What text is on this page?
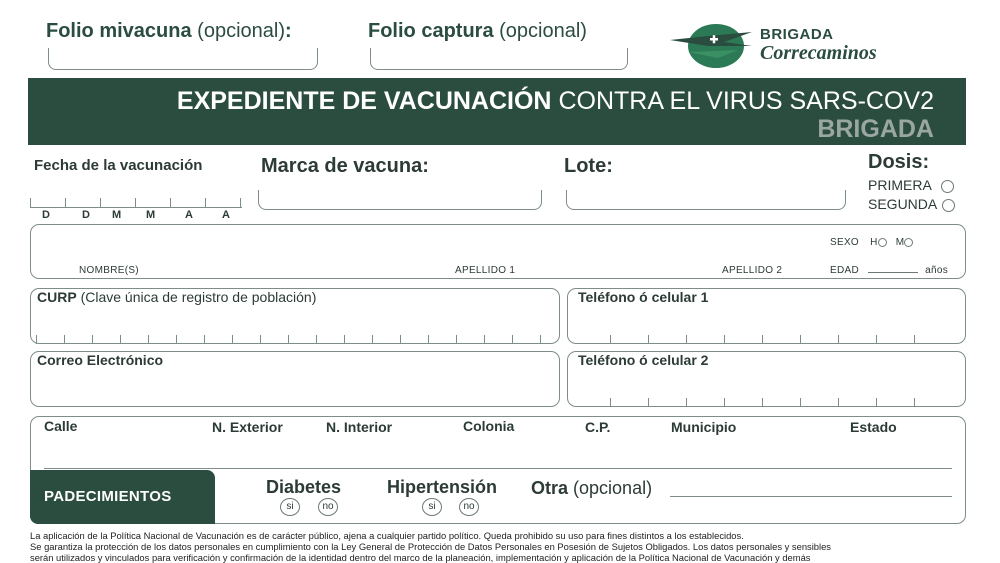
Folio mivacuna (opcional):	Folio captura (opcional)	BRIGADA
Correcaminos
EXPEDIENTE DE VACUNACIÓN CONTRA EL VIRUS SARS-COV2
BRIGADA
Fecha de la vacunación
D	D M M	A	A
Marca de vacuna:	Lote:	Dosis:
PRIMERA
SEGUNDA
SEXO H M
NOMBRE(S)	APELLIDO 1	APELLIDO 2	EDAD	años
CURP (Clave única de registro de población)	Teléfono ó celular 1
Correo Electrónico	Teléfono ó celular 2
Calle	N. Exterior	N. Interior	Colonia	C.P.	Municipio	Estado
PADECIMIENTOS	Diabetes
si	no
Hipertensión
si	no
Otra (opcional)
La aplicación de la Política Nacional de Vacunación es de carácter público, ajena a cualquier partido político. Queda prohibido su uso para fines distintos a los establecidos.
Se garantiza la protección de los datos personales en cumplimiento con la Ley General de Protección de Datos Personales en Posesión de Sujetos Obligados. Los datos personales y sensibles
serán utilizados y vinculados para verificación y confirmación de la identidad dentro del marco de la planeación, implementación y aplicación de la Política Nacional de Vacunación y demás
